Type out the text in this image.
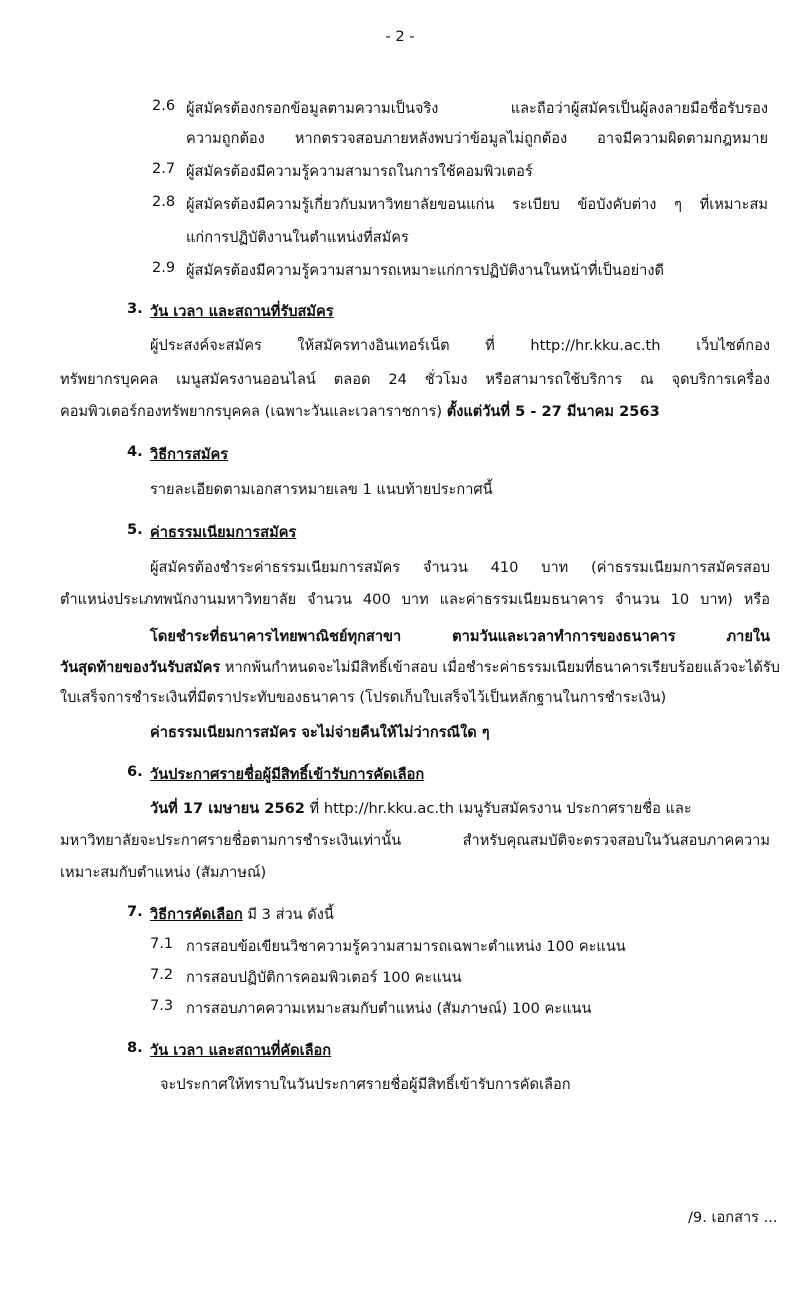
- 2 -
2.6 ผู้สมัครต้องกรอกข้อมูลตามความเป็นจริง และถือว่าผู้สมัครเป็นผู้ลงลายมือชื่อรับรอง
ความถูกต้อง หากตรวจสอบภายหลังพบว่าข้อมูลไม่ถูกต้อง อาจมีความผิดตามกฎหมาย
2.7 ผู้สมัครต้องมีความรู้ความสามารถในการใช้คอมพิวเตอร์
2.8 ผู้สมัครต้องมีความรู้เกี่ยวกับมหาวิทยาลัยขอนแก่น ระเบียบ ข้อบังคับต่าง ๆ ที่เหมาะสม
แก่การปฏิบัติงานในตำแหน่งที่สมัคร
2.9 ผู้สมัครต้องมีความรู้ความสามารถเหมาะแก่การปฏิบัติงานในหน้าที่เป็นอย่างดี
3. วัน เวลา และสถานที่รับสมัคร
ผู้ประสงค์จะสมัคร ให้สมัครทางอินเทอร์เน็ต ที่ http://hr.kku.ac.th เว็บไซต์กอง
ทรัพยากรบุคคล เมนูสมัครงานออนไลน์ ตลอด 24 ชั่วโมง หรือสามารถใช้บริการ ณ จุดบริการเครื่อง
คอมพิวเตอร์กองทรัพยากรบุคคล (เฉพาะวันและเวลาราชการ) ตั้งแต่วันที่ 5 - 27 มีนาคม 2563
4. วิธีการสมัคร
รายละเอียดตามเอกสารหมายเลข 1 แนบท้ายประกาศนี้
5. ค่าธรรมเนียมการสมัคร
ผู้สมัครต้องชำระค่าธรรมเนียมการสมัคร จำนวน 410 บาท (ค่าธรรมเนียมการสมัครสอบ
ตำแหน่งประเภทพนักงานมหาวิทยาลัย จำนวน 400 บาท และค่าธรรมเนียมธนาคาร จำนวน 10 บาท) หรือ
โดยชำระที่ธนาคารไทยพาณิชย์ทุกสาขา ตามวันและเวลาทำการของธนาคาร ภายใน
วันสุดท้ายของวันรับสมัคร หากพ้นกำหนดจะไม่มีสิทธิ์เข้าสอบ เมื่อชำระค่าธรรมเนียมที่ธนาคารเรียบร้อยแล้วจะได้รับ
ใบเสร็จการชำระเงินที่มีตราประทับของธนาคาร (โปรดเก็บใบเสร็จไว้เป็นหลักฐานในการชำระเงิน)
ค่าธรรมเนียมการสมัคร จะไม่จ่ายคืนให้ไม่ว่ากรณีใด ๆ
6. วันประกาศรายชื่อผู้มีสิทธิ์เข้ารับการคัดเลือก
วันที่ 17 เมษายน 2562 ที่ http://hr.kku.ac.th เมนูรับสมัครงาน ประกาศรายชื่อ และ
มหาวิทยาลัยจะประกาศรายชื่อตามการชำระเงินเท่านั้น สำหรับคุณสมบัติจะตรวจสอบในวันสอบภาคความ
เหมาะสมกับตำแหน่ง (สัมภาษณ์)
7. วิธีการคัดเลือก มี 3 ส่วน ดังนี้
7.1 การสอบข้อเขียนวิชาความรู้ความสามารถเฉพาะตำแหน่ง 100 คะแนน
7.2 การสอบปฏิบัติการคอมพิวเตอร์ 100 คะแนน
7.3 การสอบภาคความเหมาะสมกับตำแหน่ง (สัมภาษณ์) 100 คะแนน
8. วัน เวลา และสถานที่คัดเลือก
จะประกาศให้ทราบในวันประกาศรายชื่อผู้มีสิทธิ์เข้ารับการคัดเลือก
/9. เอกสาร ...
